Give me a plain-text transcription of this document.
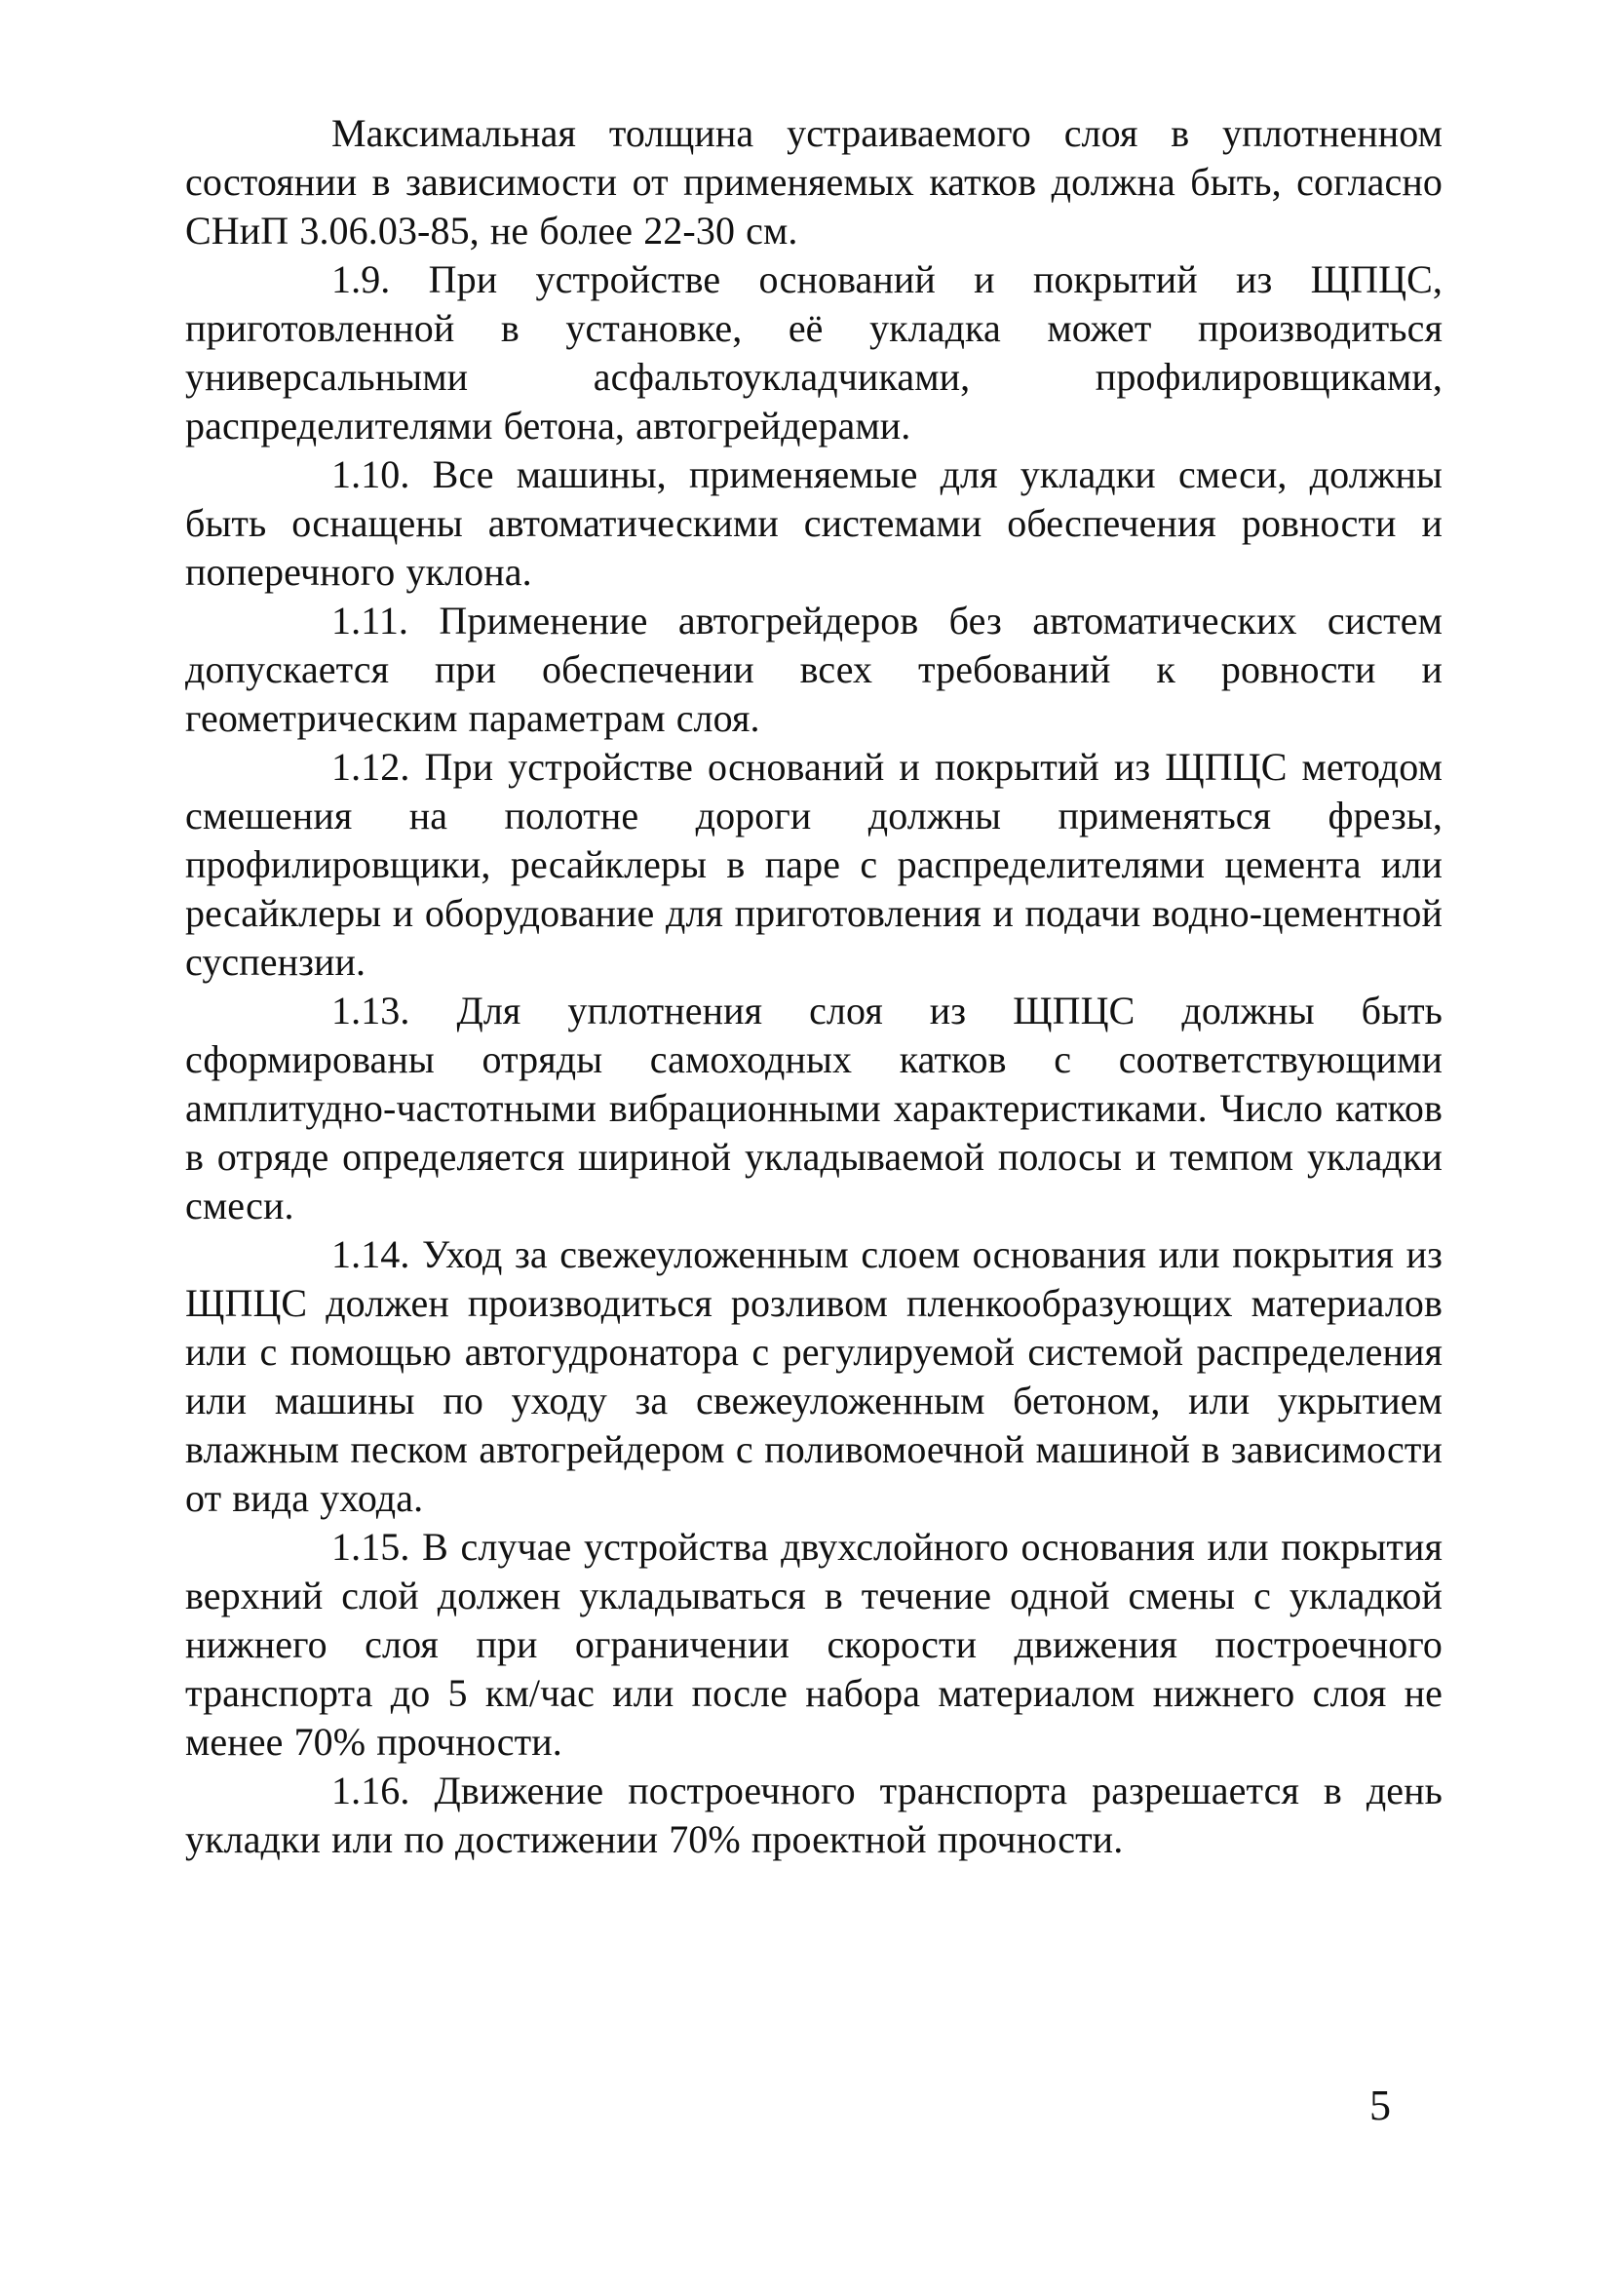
Максимальная толщина устраиваемого слоя в уплотненном состоянии в зависимости от применяемых катков должна быть, согласно СНиП 3.06.03-85, не более 22-30 см.

1.9. При устройстве оснований и покрытий из ЩПЦС, приготовленной в установке, её укладка может производиться универсальными асфальтоукладчиками, профилировщиками, распределителями бетона, автогрейдерами.

1.10. Все машины, применяемые для укладки смеси, должны быть оснащены автоматическими системами обеспечения ровности и поперечного уклона.

1.11. Применение автогрейдеров без автоматических систем допускается при обеспечении всех требований к ровности и геометрическим параметрам слоя.

1.12. При устройстве оснований и покрытий из ЩПЦС методом смешения на полотне дороги должны применяться фрезы, профилировщики, ресайклеры в паре с распределителями цемента или ресайклеры и оборудование для приготовления и подачи водно-цементной суспензии.

1.13. Для уплотнения слоя из ЩПЦС должны быть сформированы отряды самоходных катков с соответствующими амплитудно-частотными вибрационными характеристиками. Число катков в отряде определяется шириной укладываемой полосы и темпом укладки смеси.

1.14. Уход за свежеуложенным слоем основания или покрытия из ЩПЦС должен производиться розливом пленкообразующих материалов или с помощью автогудронатора с регулируемой системой распределения или машины по уходу за свежеуложенным бетоном, или укрытием влажным песком автогрейдером с поливомоечной машиной в зависимости от вида ухода.

1.15. В случае устройства двухслойного основания или покрытия верхний слой должен укладываться в течение одной смены с укладкой нижнего слоя при ограничении скорости движения построечного транспорта до 5 км/час или после набора материалом нижнего слоя не менее 70% прочности.

1.16. Движение построечного транспорта разрешается в день укладки или по достижении 70% проектной прочности.

5
